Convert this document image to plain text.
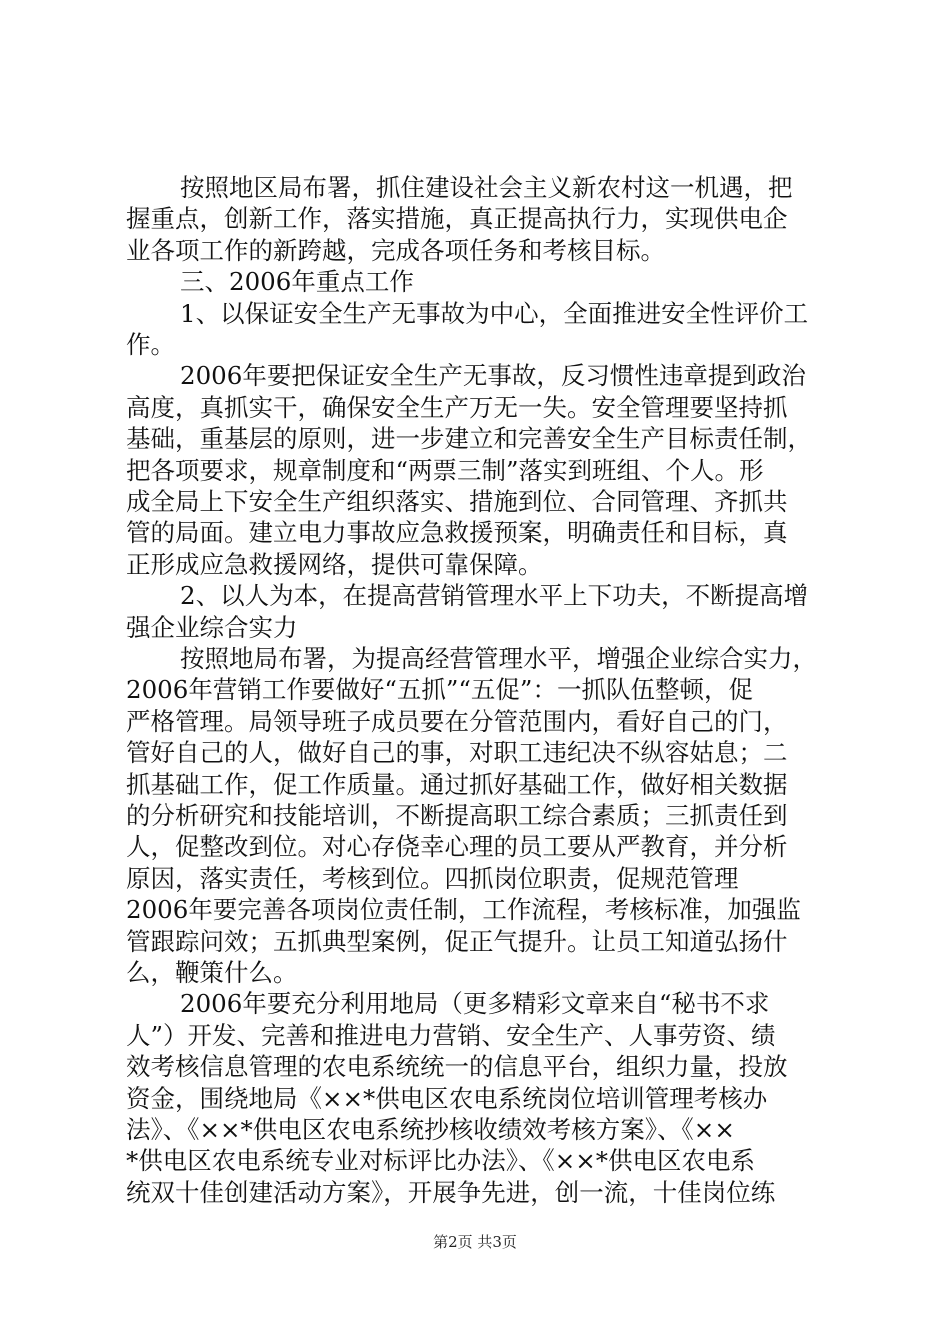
按照地区局布署，抓住建设社会主义新农村这一机遇，把
握重点，创新工作，落实措施，真正提高执行力，实现供电企
业各项工作的新跨越，完成各项任务和考核目标。
三、2006年重点工作
1、以保证安全生产无事故为中心，全面推进安全性评价工
作。
2006年要把保证安全生产无事故，反习惯性违章提到政治
高度，真抓实干，确保安全生产万无一失。安全管理要坚持抓
基础，重基层的原则，进一步建立和完善安全生产目标责任制，
把各项要求，规章制度和“两票三制”落实到班组、个人。形
成全局上下安全生产组织落实、措施到位、合同管理、齐抓共
管的局面。建立电力事故应急救援预案，明确责任和目标，真
正形成应急救援网络，提供可靠保障。
2、以人为本，在提高营销管理水平上下功夫，不断提高增
强企业综合实力
按照地局布署，为提高经营管理水平，增强企业综合实力，
2006年营销工作要做好“五抓”“五促”：一抓队伍整顿，促
严格管理。局领导班子成员要在分管范围内，看好自己的门，
管好自己的人，做好自己的事，对职工违纪决不纵容姑息；二
抓基础工作，促工作质量。通过抓好基础工作，做好相关数据
的分析研究和技能培训，不断提高职工综合素质；三抓责任到
人，促整改到位。对心存侥幸心理的员工要从严教育，并分析
原因，落实责任，考核到位。四抓岗位职责，促规范管理
2006年要完善各项岗位责任制，工作流程，考核标准，加强监
管跟踪问效；五抓典型案例，促正气提升。让员工知道弘扬什
么，鞭策什么。
2006年要充分利用地局（更多精彩文章来自“秘书不求
人”）开发、完善和推进电力营销、安全生产、人事劳资、绩
效考核信息管理的农电系统统一的信息平台，组织力量，投放
资金，围绕地局《××*供电区农电系统岗位培训管理考核办
法》、《××*供电区农电系统抄核收绩效考核方案》、《××
*供电区农电系统专业对标评比办法》、《××*供电区农电系
统双十佳创建活动方案》，开展争先进，创一流，十佳岗位练
第2页 共3页
